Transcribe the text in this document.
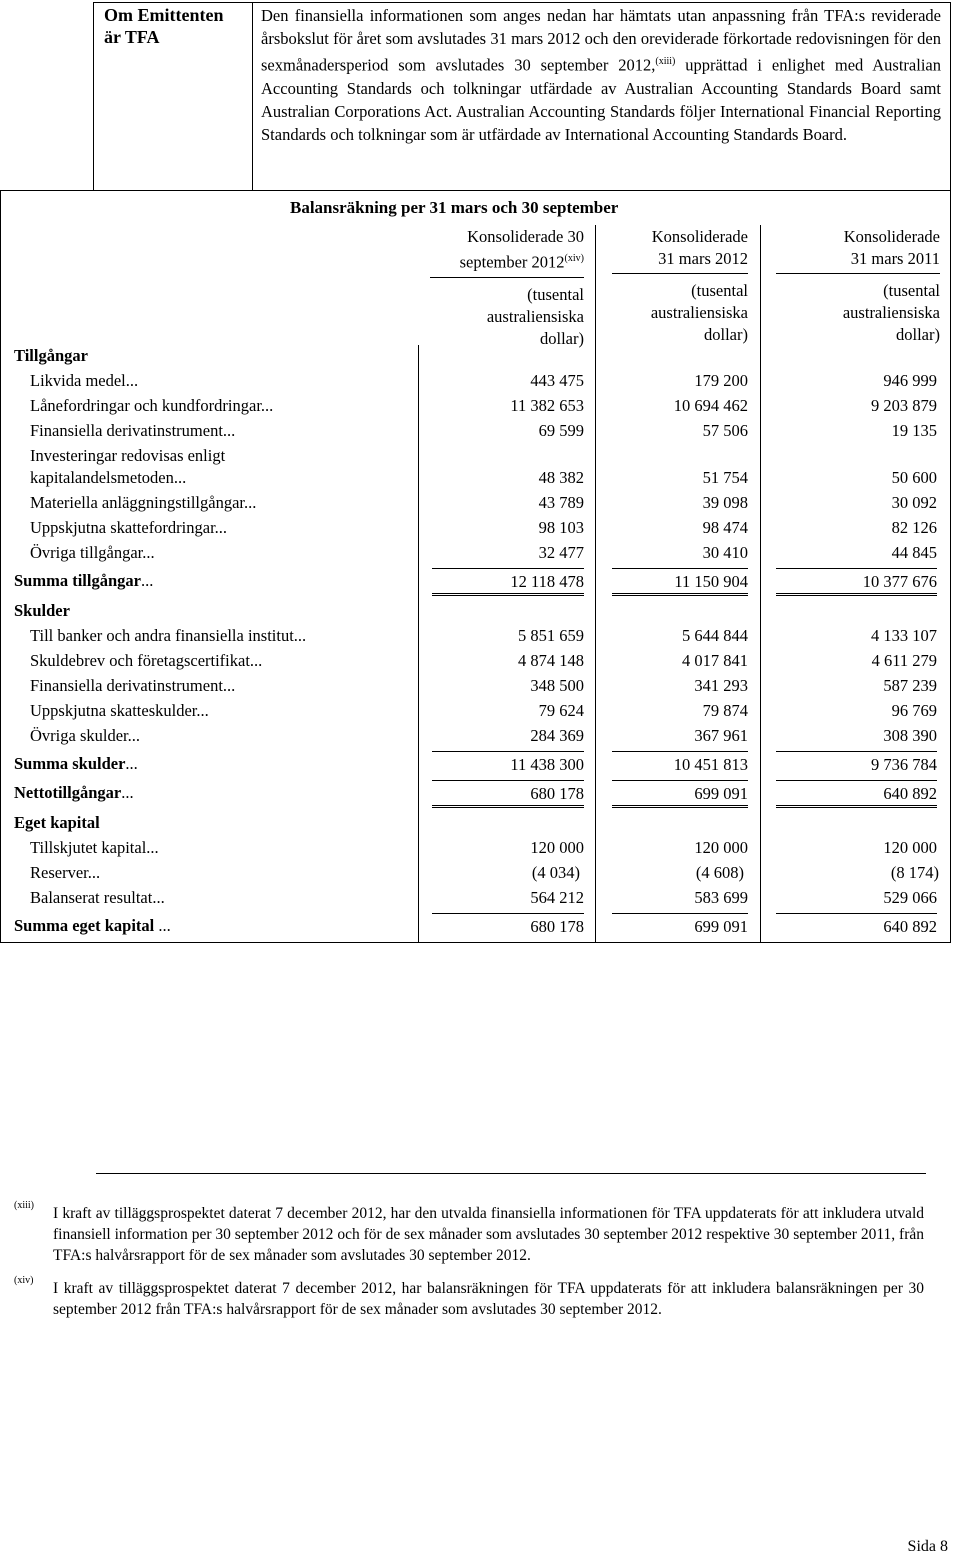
Om Emittenten är TFA
Den finansiella informationen som anges nedan har hämtats utan anpassning från TFA:s reviderade årsbokslut för året som avslutades 31 mars 2012 och den oreviderade förkortade redovisningen för den sexmånadersperiod som avslutades 30 september 2012,$^{(xiii)}$ upprättad i enlighet med Australian Accounting Standards och tolkningar utfärdade av Australian Accounting Standards Board samt Australian Corporations Act. Australian Accounting Standards följer International Financial Reporting Standards och tolkningar som är utfärdade av International Accounting Standards Board.
Balansräkning per 31 mars och 30 september
Konsoliderade 30
september 2012$^{(xiv)}$
(tusental
australiensiska
dollar)
Konsoliderade
31 mars 2012
(tusental
australiensiska
dollar)
Konsoliderade
31 mars 2011
(tusental
australiensiska
dollar)
Tillgångar
Likvida medel...	443 475	179 200	946 999
Lånefordringar och kundfordringar...	11 382 653	10 694 462	9 203 879
Finansiella derivatinstrument...	69 599	57 506	19 135
Investeringar redovisas enligt
kapitalandelsmetoden...	48 382	51 754	50 600
Materiella anläggningstillgångar...	43 789	39 098	30 092
Uppskjutna skattefordringar...	98 103	98 474	82 126
Övriga tillgångar...	32 477	30 410	44 845
Summa tillgångar...	12 118 478	11 150 904	10 377 676
Skulder
Till banker och andra finansiella institut...	5 851 659	5 644 844	4 133 107
Skuldebrev och företagscertifikat...	4 874 148	4 017 841	4 611 279
Finansiella derivatinstrument...	348 500	341 293	587 239
Uppskjutna skatteskulder...	79 624	79 874	96 769
Övriga skulder...	284 369	367 961	308 390
Summa skulder...	11 438 300	10 451 813	9 736 784
Nettotillgångar...	680 178	699 091	640 892
Eget kapital
Tillskjutet kapital...	120 000	120 000	120 000
Reserver...	(4 034)	(4 608)	(8 174)
Balanserat resultat...	564 212	583 699	529 066
Summa eget kapital ...	680 178	699 091	640 892
(xiii) I kraft av tilläggsprospektet daterat 7 december 2012, har den utvalda finansiella informationen för TFA uppdaterats för att inkludera utvald finansiell information per 30 september 2012 och för de sex månader som avslutades 30 september 2012 respektive 30 september 2011, från TFA:s halvårsrapport för de sex månader som avslutades 30 september 2012.
(xiv) I kraft av tilläggsprospektet daterat 7 december 2012, har balansräkningen för TFA uppdaterats för att inkludera balansräkningen per 30 september 2012 från TFA:s halvårsrapport för de sex månader som avslutades 30 september 2012.
Sida 8
